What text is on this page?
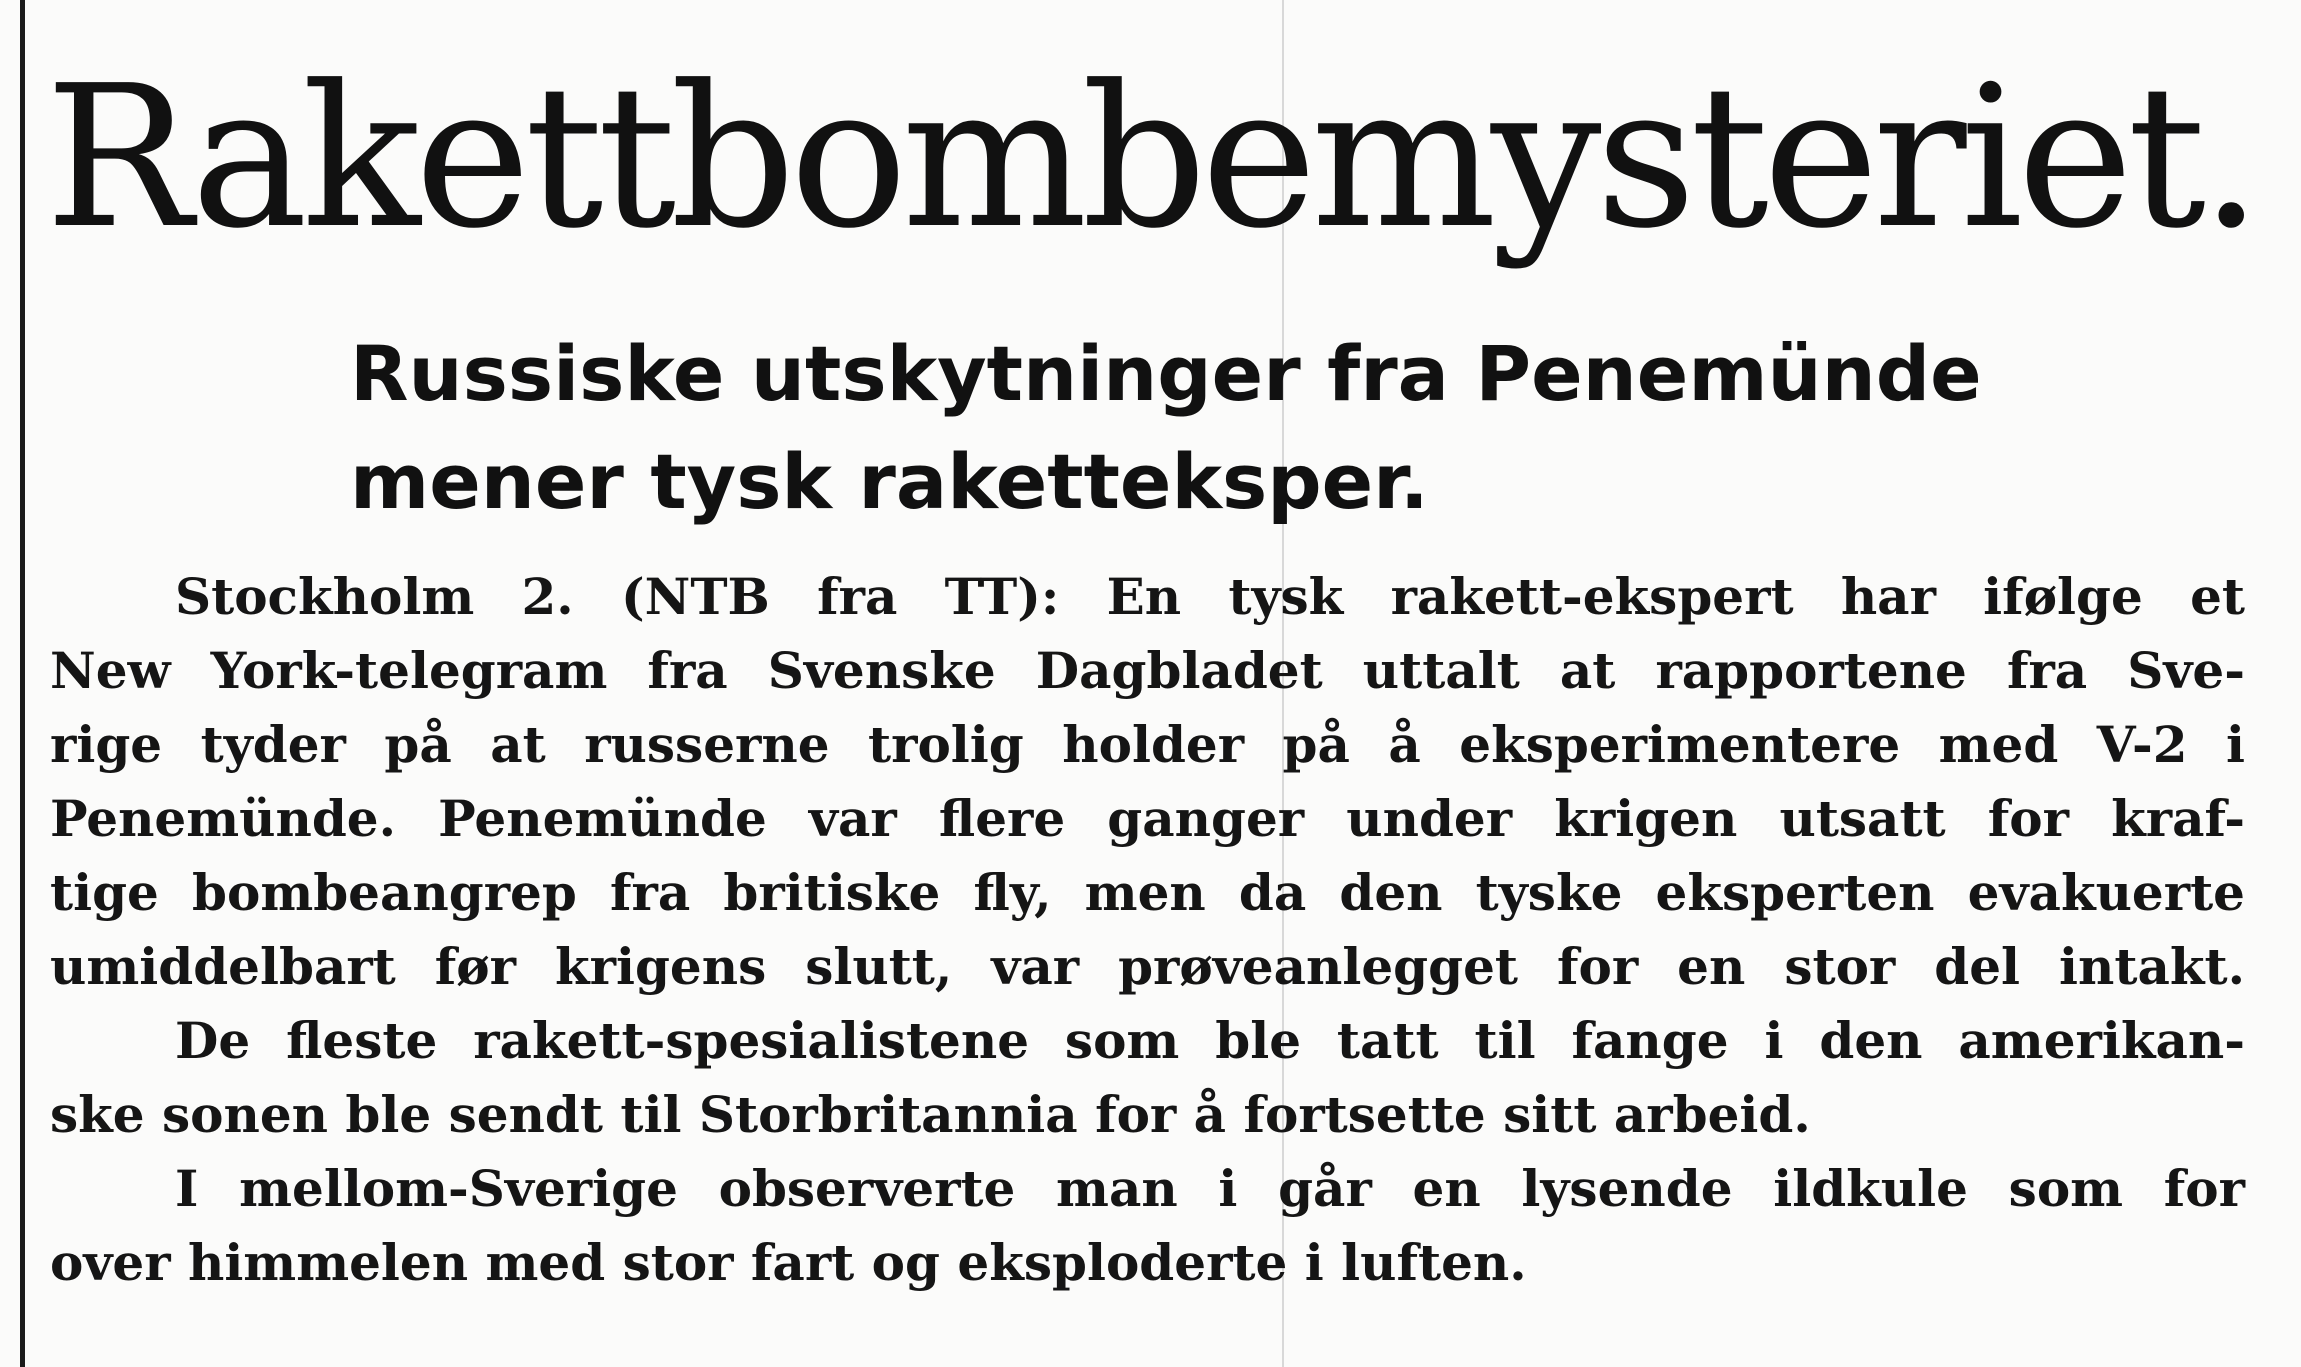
Rakettbombemysteriet.
Russiske utskytninger fra Penemünde
mener tysk raketteksper.
Stockholm 2. (NTB fra TT): En tysk rakett-ekspert har ifølge et
New York-telegram fra Svenske Dagbladet uttalt at rapportene fra Sve-
rige tyder på at russerne trolig holder på å eksperimentere med V-2 i
Penemünde. Penemünde var flere ganger under krigen utsatt for kraf-
tige bombeangrep fra britiske fly, men da den tyske eksperten evakuerte
umiddelbart før krigens slutt, var prøveanlegget for en stor del intakt.
De fleste rakett-spesialistene som ble tatt til fange i den amerikan-
ske sonen ble sendt til Storbritannia for å fortsette sitt arbeid.
I mellom-Sverige observerte man i går en lysende ildkule som for
over himmelen med stor fart og eksploderte i luften.
